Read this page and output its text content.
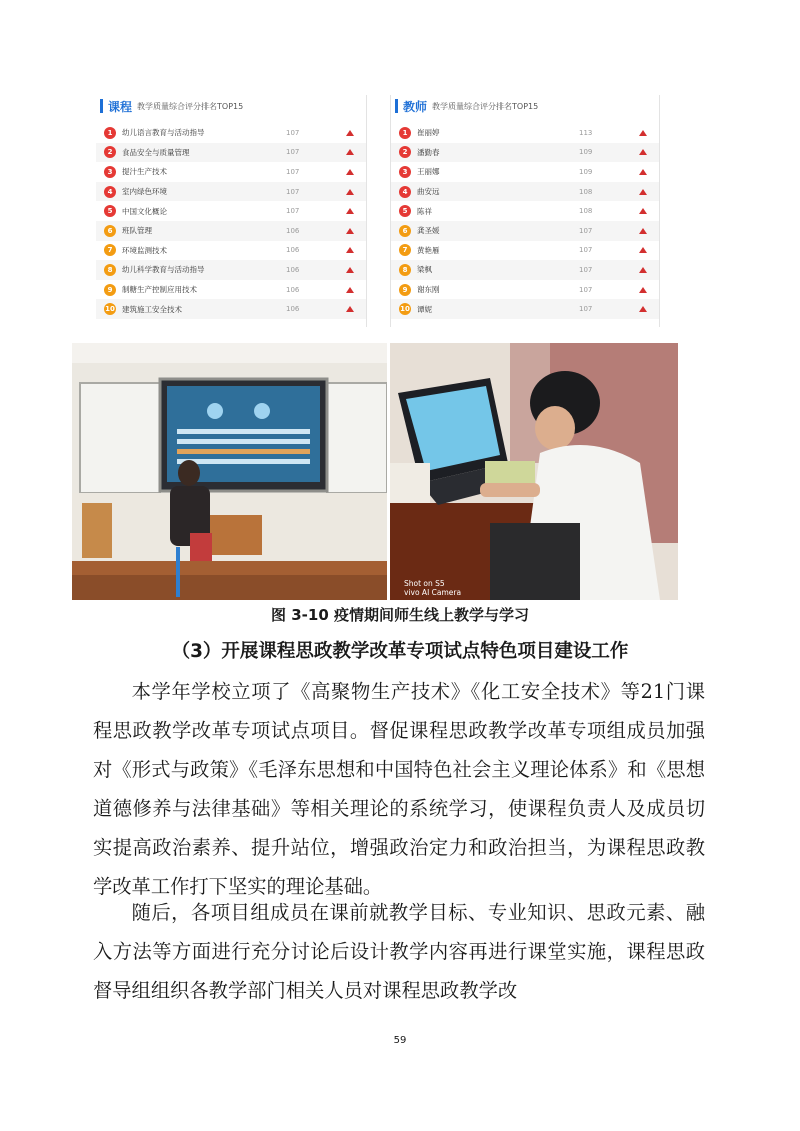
课程 教学质量综合评分排名TOP15
1	幼儿语言教育与活动指导	107
2	食品安全与质量管理	107
3	提汁生产技术	107
4	室内绿色环境	107
5	中国文化概论	107
6	班队管理	106
7	环境监测技术	106
8	幼儿科学教育与活动指导	106
9	制糖生产控制应用技术	106
10 建筑施工安全技术	106
教师 教学质量综合评分排名TOP15
1	崔丽婷	113
2	潘勤春	109
3	王丽娜	109
4	曲安远	108
5	陈祥	108
6	龚圣媛	107
7	黄艳雁	107
8	梁枫	107
9	谢东刚	107
10 谭妮	107
Shot on S5
vivo AI Camera
图 3-10 疫情期间师生线上教学与学习
（3）开展课程思政教学改革专项试点特色项目建设工作
本学年学校立项了《高聚物生产技术》《化工安全技术》等21门课程思政教学改革专项试点项目。督促课程思政教学改革专项组成员加强对《形式与政策》《毛泽东思想和中国特色社会主义理论体系》和《思想道德修养与法律基础》等相关理论的系统学习，使课程负责人及成员切实提高政治素养、提升站位，增强政治定力和政治担当，为课程思政教学改革工作打下坚实的理论基础。
随后，各项目组成员在课前就教学目标、专业知识、思政元素、融入方法等方面进行充分讨论后设计教学内容再进行课堂实施，课程思政督导组组织各教学部门相关人员对课程思政教学改
59
